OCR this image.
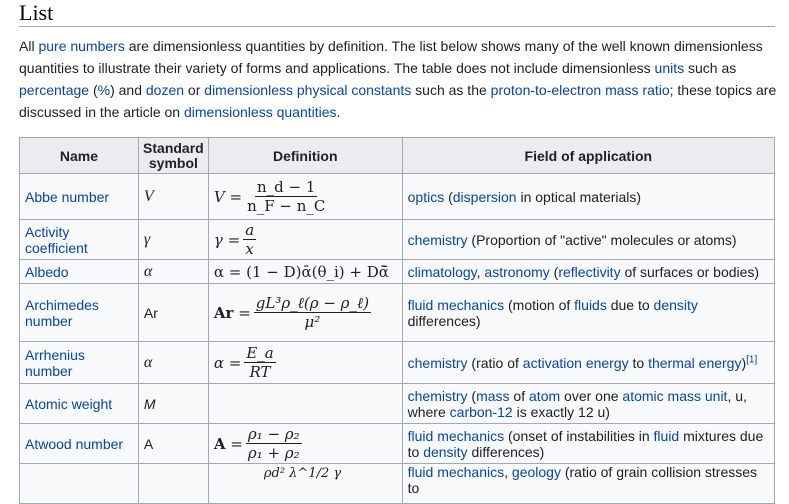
List
All pure numbers are dimensionless quantities by definition. The list below shows many of the well known dimensionless
quantities to illustrate their variety of forms and applications. The table does not include dimensionless units such as
percentage (%) and dozen or dimensionless physical constants such as the proton-to-electron mass ratio; these topics are
discussed in the article on dimensionless quantities.
Name	Standard symbol	Definition	Field of application
Abbe number	V	$V = \frac{n\_d - 1}{n\_F - n\_C}$	optics (dispersion in optical materials)
Activity coefficient	γ	$\gamma = \frac{a}{x}$	chemistry (Proportion of "active" molecules or atoms)
Albedo	α	α = (1 − D)ᾱ(θ_i) + Dᾱ̄	climatology, astronomy (reflectivity of surfaces or bodies)
Archimedes number	Ar	$Ar = \frac{\text{gL³ρ\_ℓ(ρ − ρ\_ℓ)}}{\text{μ²}}$	fluid mechanics (motion of fluids due to density differences)
Arrhenius number	α	$\alpha = \frac{E\_a}{RT}$	chemistry (ratio of activation energy to thermal energy)[1]
Atomic weight	M		chemistry (mass of atom over one atomic mass unit, u, where carbon-12 is exactly 12 u)
Atwood number	A	$A = \frac{\text{ρ₁ − ρ₂}}{\text{ρ₁ + ρ₂}}$	fluid mechanics (onset of instabilities in fluid mixtures due to density differences)

		ρd² λ^1/2 γ	fluid mechanics, geology (ratio of grain collision stresses to
